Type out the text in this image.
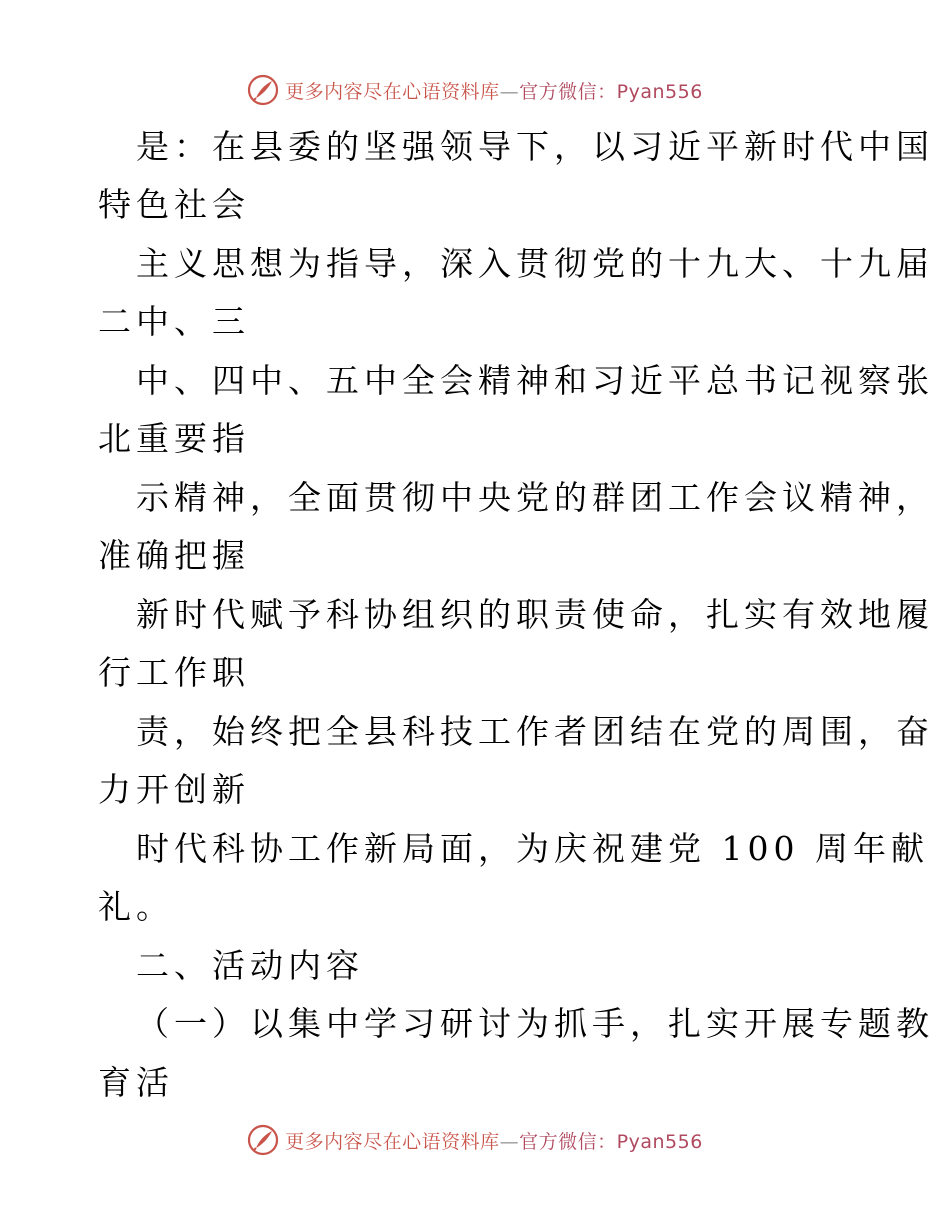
更多内容尽在心语资料库—官方微信：Pyan556
是：在县委的坚强领导下，以习近平新时代中国
特色社会
主义思想为指导，深入贯彻党的十九大、十九届
二中、三
中、四中、五中全会精神和习近平总书记视察张
北重要指
示精神，全面贯彻中央党的群团工作会议精神，
准确把握
新时代赋予科协组织的职责使命，扎实有效地履
行工作职
责，始终把全县科技工作者团结在党的周围，奋
力开创新
时代科协工作新局面，为庆祝建党 100 周年献
礼。
二、活动内容
（一）以集中学习研讨为抓手，扎实开展专题教
育活
更多内容尽在心语资料库—官方微信：Pyan556
